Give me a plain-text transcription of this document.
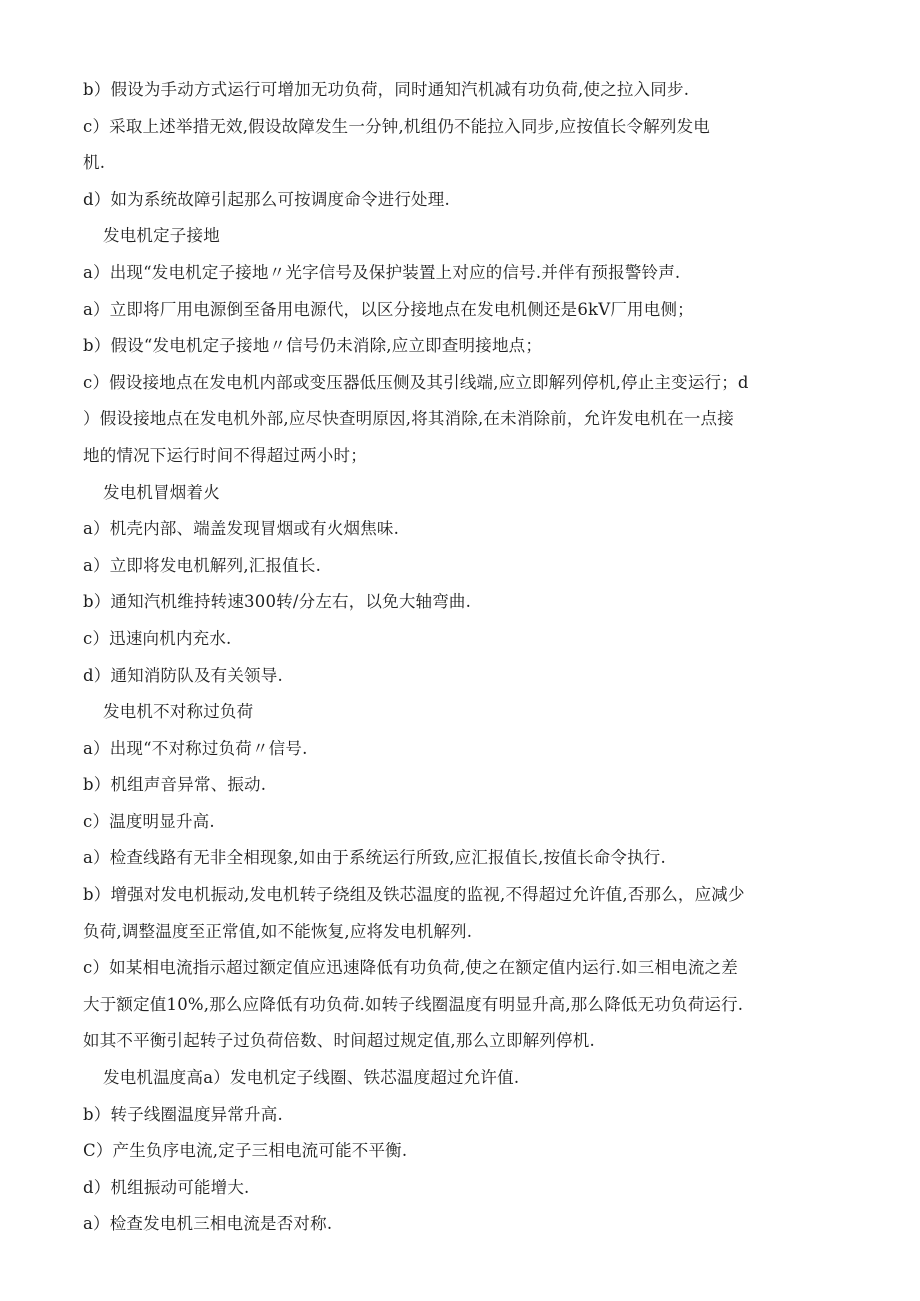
b）假设为手动方式运行可增加无功负荷，同时通知汽机减有功负荷,使之拉入同步.
c）采取上述举措无效,假设故障发生一分钟,机组仍不能拉入同步,应按值长令解列发电
机.
d）如为系统故障引起那么可按调度命令进行处理.
发电机定子接地
a）出现“发电机定子接地〃光字信号及保护装置上对应的信号.并伴有预报警铃声.
a）立即将厂用电源倒至备用电源代，以区分接地点在发电机侧还是6kV厂用电侧；
b）假设“发电机定子接地〃信号仍未消除,应立即查明接地点；
c）假设接地点在发电机内部或变压器低压侧及其引线端,应立即解列停机,停止主变运行；d
）假设接地点在发电机外部,应尽快查明原因,将其消除,在未消除前，允许发电机在一点接
地的情况下运行时间不得超过两小时；
发电机冒烟着火
a）机壳内部、端盖发现冒烟或有火烟焦味.
a）立即将发电机解列,汇报值长.
b）通知汽机维持转速300转/分左右，以免大轴弯曲.
c）迅速向机内充水.
d）通知消防队及有关领导.
发电机不对称过负荷
a）出现“不对称过负荷〃信号.
b）机组声音异常、振动.
c）温度明显升高.
a）检查线路有无非全相现象,如由于系统运行所致,应汇报值长,按值长命令执行.
b）增强对发电机振动,发电机转子绕组及铁芯温度的监视,不得超过允许值,否那么，应减少
负荷,调整温度至正常值,如不能恢复,应将发电机解列.
c）如某相电流指示超过额定值应迅速降低有功负荷,使之在额定值内运行.如三相电流之差
大于额定值10%,那么应降低有功负荷.如转子线圈温度有明显升高,那么降低无功负荷运行.
如其不平衡引起转子过负荷倍数、时间超过规定值,那么立即解列停机.
发电机温度高a）发电机定子线圈、铁芯温度超过允许值.
b）转子线圈温度异常升高.
C）产生负序电流,定子三相电流可能不平衡.
d）机组振动可能增大.
a）检查发电机三相电流是否对称.
